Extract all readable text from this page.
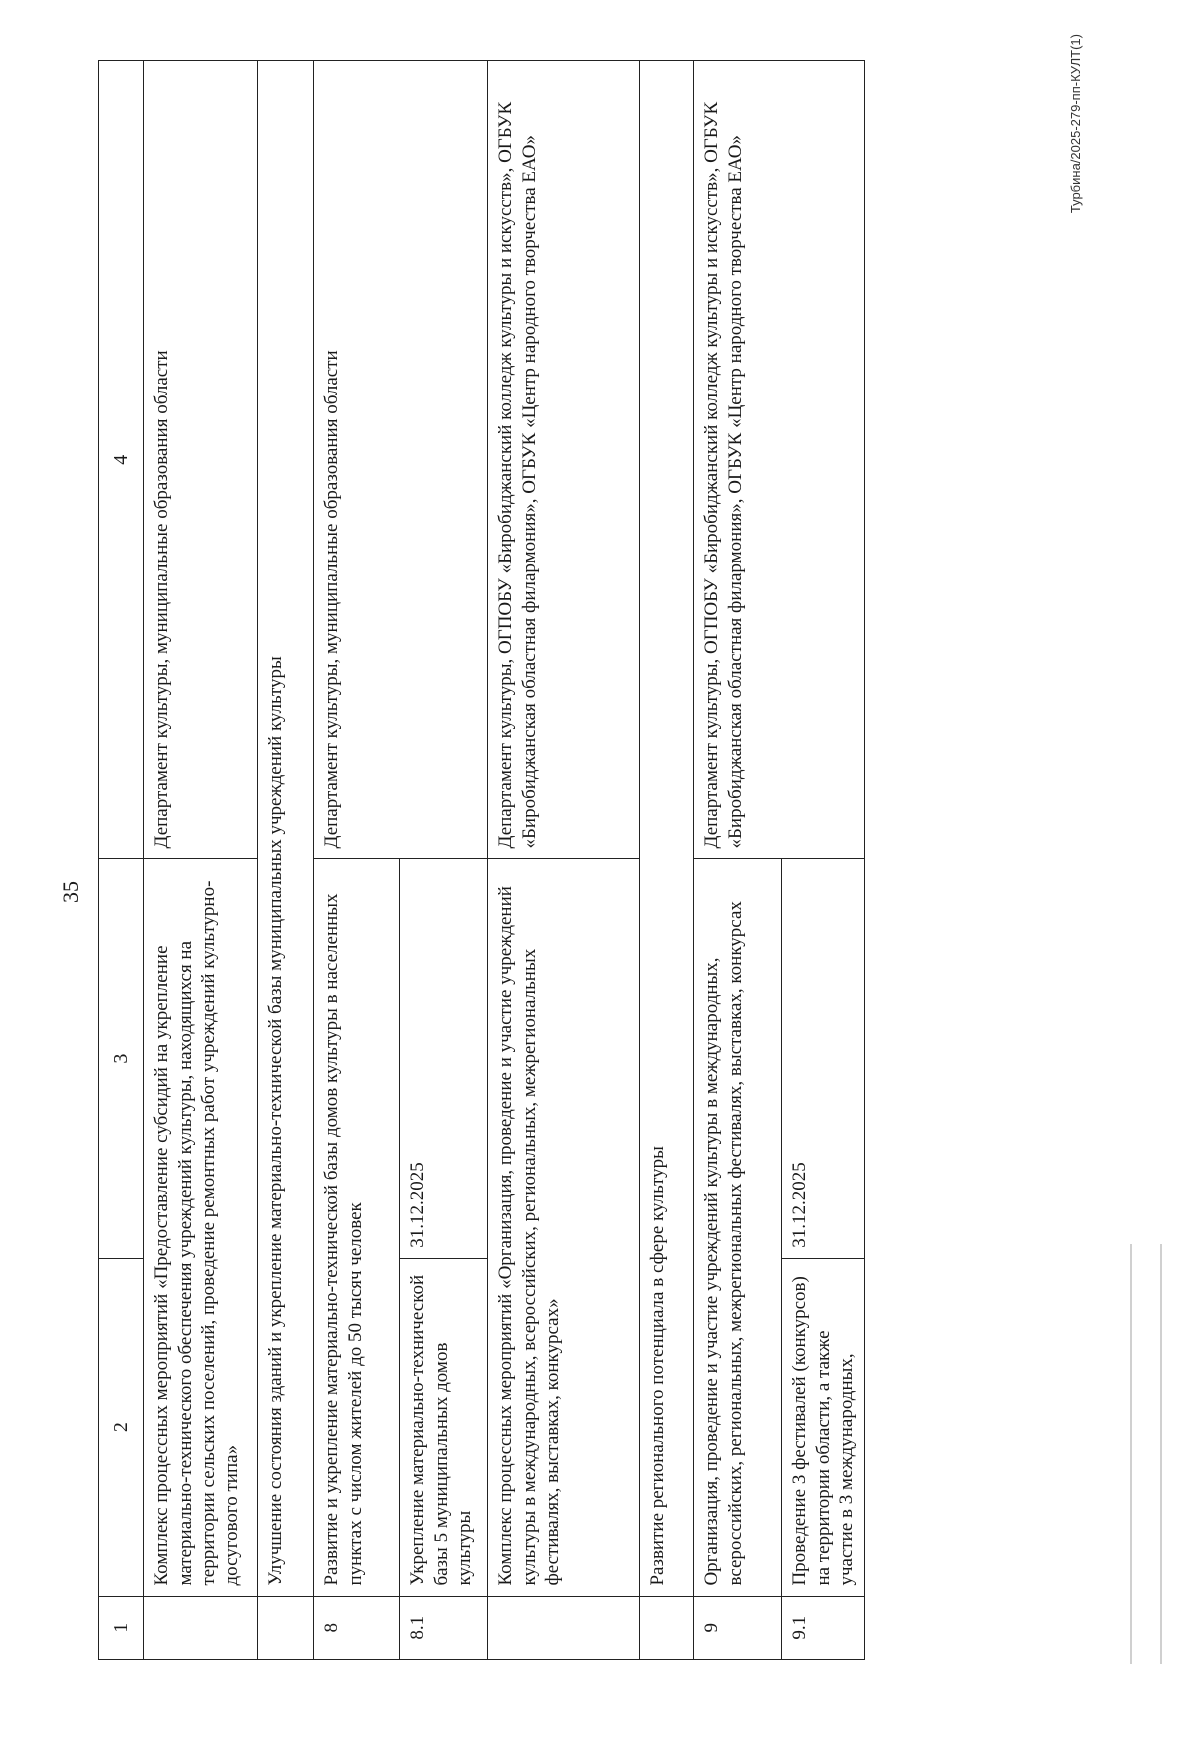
35
1	2	3	4
	Комплекс процессных мероприятий «Предоставление субсидий на укрепление материально-технического обеспечения учреждений культуры, находящихся на территории сельских поселений, проведение ремонтных работ учреждений культурно-досугового типа»		Департамент культуры, муниципальные образования области
	Улучшение состояния зданий и укрепление материально-технической базы муниципальных учреждений культуры		
8	Развитие и укрепление материально-технической базы домов культуры в населенных пунктах с числом жителей до 50 тысяч человек		Департамент культуры, муниципальные образования области
8.1	Укрепление материально-технической базы 5 муниципальных домов культуры	31.12.2025	
	Комплекс процессных мероприятий «Организация, проведение и участие учреждений культуры в международных, всероссийских, региональных, межрегиональных фестивалях, выставках, конкурсах»		Департамент культуры, ОГПОБУ «Биробиджанский колледж культуры и искусств», ОГБУК «Биробиджанская областная филармония», ОГБУК «Центр народного творчества ЕАО»
	Развитие регионального потенциала в сфере культуры		
9	Организация, проведение и участие учреждений культуры в международных, всероссийских, региональных, межрегиональных фестивалях, выставках, конкурсах		Департамент культуры, ОГПОБУ «Биробиджанский колледж культуры и искусств», ОГБУК «Биробиджанская областная филармония», ОГБУК «Центр народного творчества ЕАО»
9.1	Проведение 3 фестивалей (конкурсов) на территории области, а также участие в 3 международных,	31.12.2025	
Турбина/2025-279-пп-КУЛТ(1)
